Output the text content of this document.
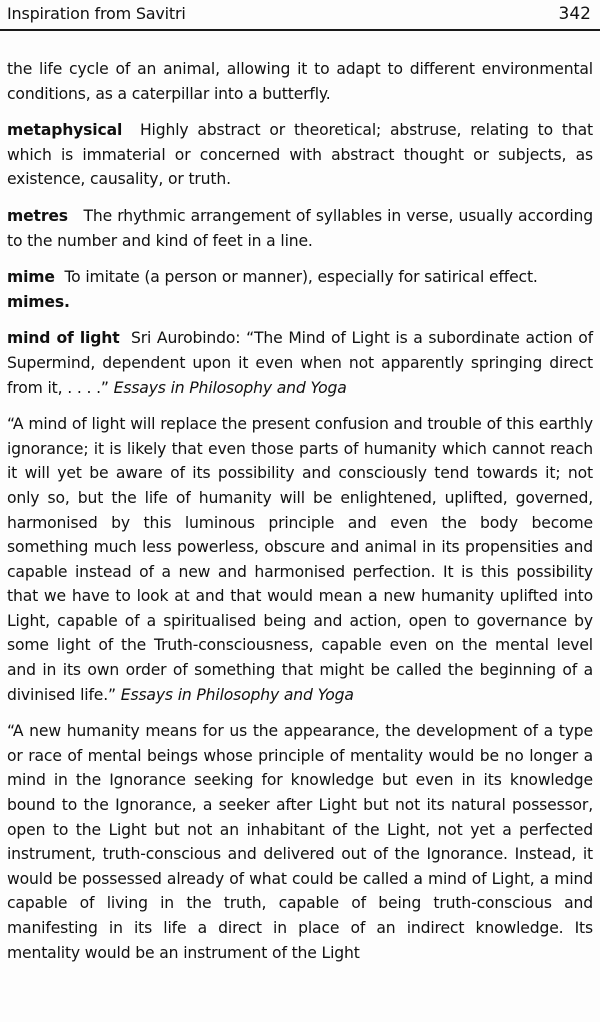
Inspiration from Savitri	342

the life cycle of an animal, allowing it to adapt to different environmental conditions, as a caterpillar into a butterfly.

metaphysical Highly abstract or theoretical; abstruse, relating to that which is immaterial or concerned with abstract thought or subjects, as existence, causality, or truth.

metres The rhythmic arrangement of syllables in verse, usually according to the number and kind of feet in a line.

mime To imitate (a person or manner), especially for satirical effect.
mimes.

mind of light Sri Aurobindo: “The Mind of Light is a subordinate action of Supermind, dependent upon it even when not apparently springing direct from it, . . . .” Essays in Philosophy and Yoga

“A mind of light will replace the present confusion and trouble of this earthly ignorance; it is likely that even those parts of humanity which cannot reach it will yet be aware of its possibility and consciously tend towards it; not only so, but the life of humanity will be enlightened, uplifted, governed, harmonised by this luminous principle and even the body become something much less powerless, obscure and animal in its propensities and capable instead of a new and harmonised perfection. It is this possibility that we have to look at and that would mean a new humanity uplifted into Light, capable of a spiritualised being and action, open to governance by some light of the Truth-consciousness, capable even on the mental level and in its own order of something that might be called the beginning of a divinised life.” Essays in Philosophy and Yoga

“A new humanity means for us the appearance, the development of a type or race of mental beings whose principle of mentality would be no longer a mind in the Ignorance seeking for knowledge but even in its knowledge bound to the Ignorance, a seeker after Light but not its natural possessor, open to the Light but not an inhabitant of the Light, not yet a perfected instrument, truth-conscious and delivered out of the Ignorance. Instead, it would be possessed already of what could be called a mind of Light, a mind capable of living in the truth, capable of being truth-conscious and manifesting in its life a direct in place of an indirect knowledge. Its mentality would be an instrument of the Light
